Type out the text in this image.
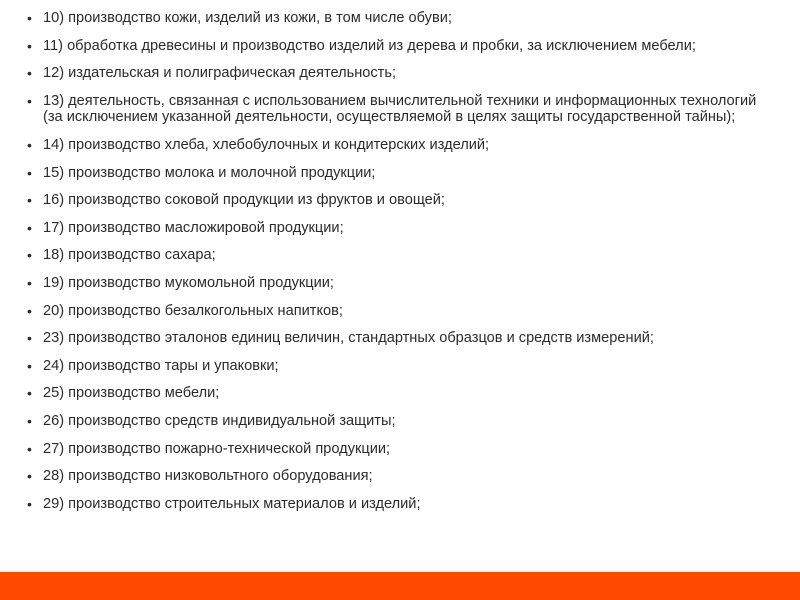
• 10) производство кожи, изделий из кожи, в том числе обуви;
• 11) обработка древесины и производство изделий из дерева и пробки, за исключением мебели;
• 12) издательская и полиграфическая деятельность;
• 13) деятельность, связанная с использованием вычислительной техники и информационных технологий (за исключением указанной деятельности, осуществляемой в целях защиты государственной тайны);
• 14) производство хлеба, хлебобулочных и кондитерских изделий;
• 15) производство молока и молочной продукции;
• 16) производство соковой продукции из фруктов и овощей;
• 17) производство масложировой продукции;
• 18) производство сахара;
• 19) производство мукомольной продукции;
• 20) производство безалкогольных напитков;
• 23) производство эталонов единиц величин, стандартных образцов и средств измерений;
• 24) производство тары и упаковки;
• 25) производство мебели;
• 26) производство средств индивидуальной защиты;
• 27) производство пожарно-технической продукции;
• 28) производство низковольтного оборудования;
• 29) производство строительных материалов и изделий;
